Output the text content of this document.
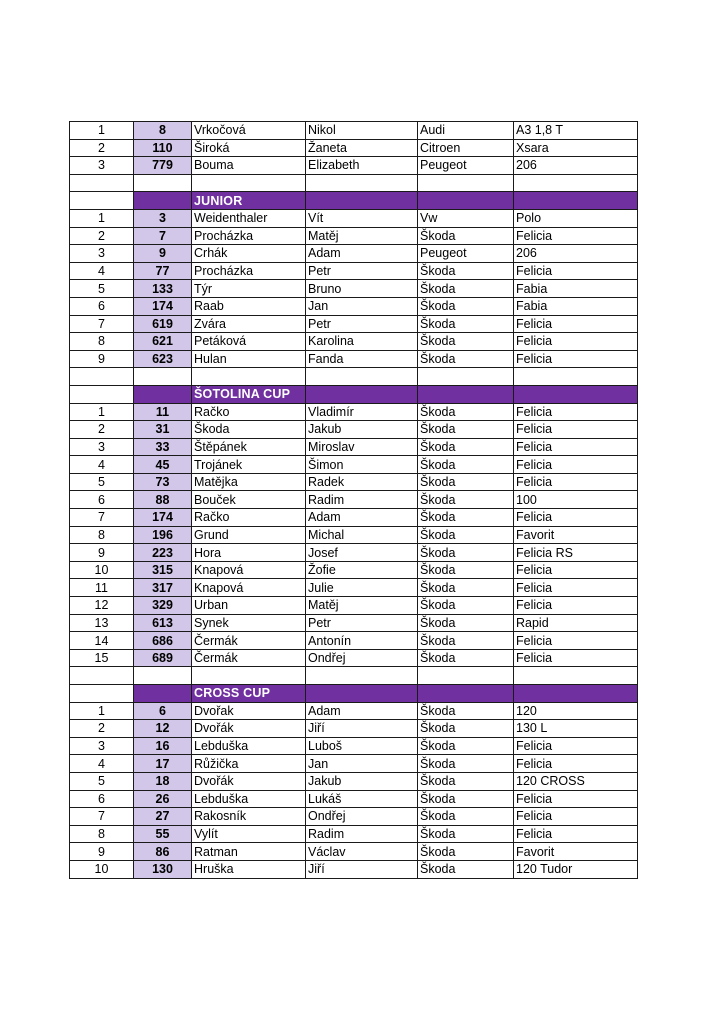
1	8	Vrkočová	Nikol	Audi	A3 1,8 T
2	110	Široká	Žaneta	Citroen	Xsara
3	779	Bouma	Elizabeth	Peugeot	206

		JUNIOR			
1	3	Weidenthaler	Vít	Vw	Polo
2	7	Procházka	Matěj	Škoda	Felicia
3	9	Crhák	Adam	Peugeot	206
4	77	Procházka	Petr	Škoda	Felicia
5	133	Týr	Bruno	Škoda	Fabia
6	174	Raab	Jan	Škoda	Fabia
7	619	Zvára	Petr	Škoda	Felicia
8	621	Petáková	Karolina	Škoda	Felicia
9	623	Hulan	Fanda	Škoda	Felicia

		ŠOTOLINA CUP			
1	11	Račko	Vladimír	Škoda	Felicia
2	31	Škoda	Jakub	Škoda	Felicia
3	33	Štěpánek	Miroslav	Škoda	Felicia
4	45	Trojánek	Šimon	Škoda	Felicia
5	73	Matějka	Radek	Škoda	Felicia
6	88	Bouček	Radim	Škoda	100
7	174	Račko	Adam	Škoda	Felicia
8	196	Grund	Michal	Škoda	Favorit
9	223	Hora	Josef	Škoda	Felicia RS
10	315	Knapová	Žofie	Škoda	Felicia
11	317	Knapová	Julie	Škoda	Felicia
12	329	Urban	Matěj	Škoda	Felicia
13	613	Synek	Petr	Škoda	Rapid
14	686	Čermák	Antonín	Škoda	Felicia
15	689	Čermák	Ondřej	Škoda	Felicia

		CROSS CUP			
1	6	Dvořak	Adam	Škoda	120
2	12	Dvořák	Jiří	Škoda	130 L
3	16	Lebduška	Luboš	Škoda	Felicia
4	17	Růžička	Jan	Škoda	Felicia
5	18	Dvořák	Jakub	Škoda	120 CROSS
6	26	Lebduška	Lukáš	Škoda	Felicia
7	27	Rakosník	Ondřej	Škoda	Felicia
8	55	Vylít	Radim	Škoda	Felicia
9	86	Ratman	Václav	Škoda	Favorit
10	130	Hruška	Jiří	Škoda	120 Tudor
